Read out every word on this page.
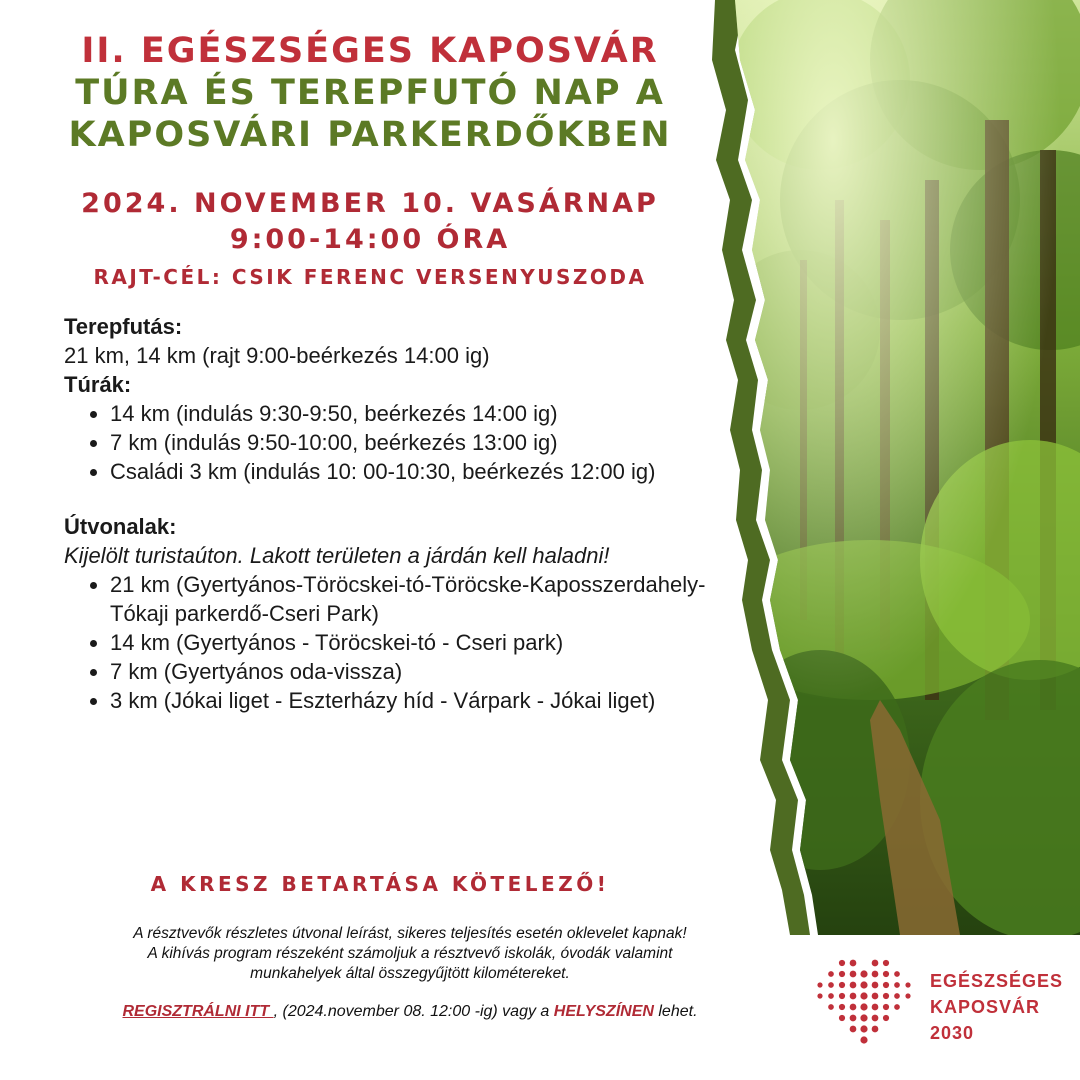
II. EGÉSZSÉGES KAPOSVÁR
TÚRA ÉS TEREPFUTÓ NAP A
KAPOSVÁRI PARKERDŐKBEN
2024. NOVEMBER 10. VASÁRNAP
9:00-14:00 ÓRA
RAJT-CÉL: CSIK FERENC VERSENYUSZODA
Terepfutás:
21 km, 14 km (rajt 9:00-beérkezés 14:00 ig)
Túrák:
• 14 km (indulás 9:30-9:50, beérkezés 14:00 ig)
• 7 km (indulás 9:50-10:00, beérkezés 13:00 ig)
• Családi 3 km (indulás 10: 00-10:30, beérkezés 12:00 ig)
Útvonalak:
Kijelölt turistaúton. Lakott területen a járdán kell haladni!
• 21 km (Gyertyános-Töröcskei-tó-Töröcske-Kaposszerdahely-Tókaji parkerdő-Cseri Park)
• 14 km (Gyertyános - Töröcskei-tó - Cseri park)
• 7 km (Gyertyános oda-vissza)
• 3 km (Jókai liget - Eszterházy híd - Várpark - Jókai liget)
A KRESZ BETARTÁSA KÖTELEZŐ!
A résztvevők részletes útvonal leírást, sikeres teljesítés esetén oklevelet kapnak!
A kihívás program részeként számoljuk a résztvevő iskolák, óvodák valamint
munkahelyek által összegyűjtött kilométereket.
REGISZTRÁLNI ITT , (2024.november 08. 12:00 -ig) vagy a HELYSZÍNEN lehet.
EGÉSZSÉGES
KAPOSVÁR
2030
